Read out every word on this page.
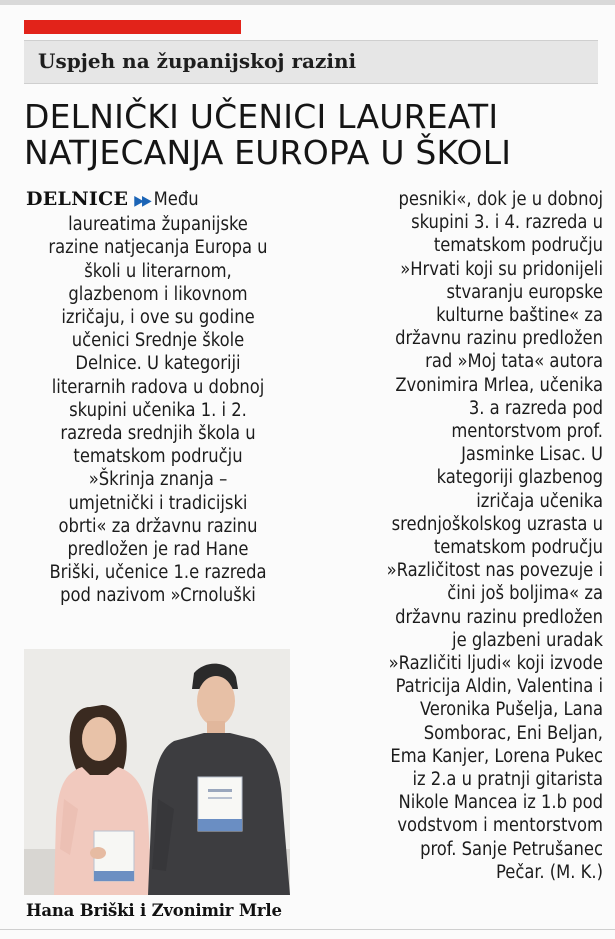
Uspjeh na županijskoj razini
DELNIČKI UČENICI LAUREATI
NATJECANJA EUROPA U ŠKOLI
DELNICE ▶▶ Među
laureatima županijske
razine natjecanja Europa u
školi u literarnom,
glazbenom i likovnom
izričaju, i ove su godine
učenici Srednje škole
Delnice. U kategoriji
literarnih radova u dobnoj
skupini učenika 1. i 2.
razreda srednjih škola u
tematskom području
»Škrinja znanja –
umjetnički i tradicijski
obrti« za državnu razinu
predložen je rad Hane
Briški, učenice 1.e razreda
pod nazivom »Crnoluški
Hana Briški i Zvonimir Mrle
pesniki«, dok je u dobnoj
skupini 3. i 4. razreda u
tematskom području
»Hrvati koji su pridonijeli
stvaranju europske
kulturne baštine« za
državnu razinu predložen
rad »Moj tata« autora
Zvonimira Mrlea, učenika
3. a razreda pod
mentorstvom prof.
Jasminke Lisac. U
kategoriji glazbenog
izričaja učenika
srednjoškolskog uzrasta u
tematskom području
»Različitost nas povezuje i
čini još boljima« za
državnu razinu predložen
je glazbeni uradak
»Različiti ljudi« koji izvode
Patricija Aldin, Valentina i
Veronika Pušelja, Lana
Somborac, Eni Beljan,
Ema Kanjer, Lorena Pukec
iz 2.a u pratnji gitarista
Nikole Mancea iz 1.b pod
vodstvom i mentorstvom
prof. Sanje Petrušanec
Pečar. (M. K.)
